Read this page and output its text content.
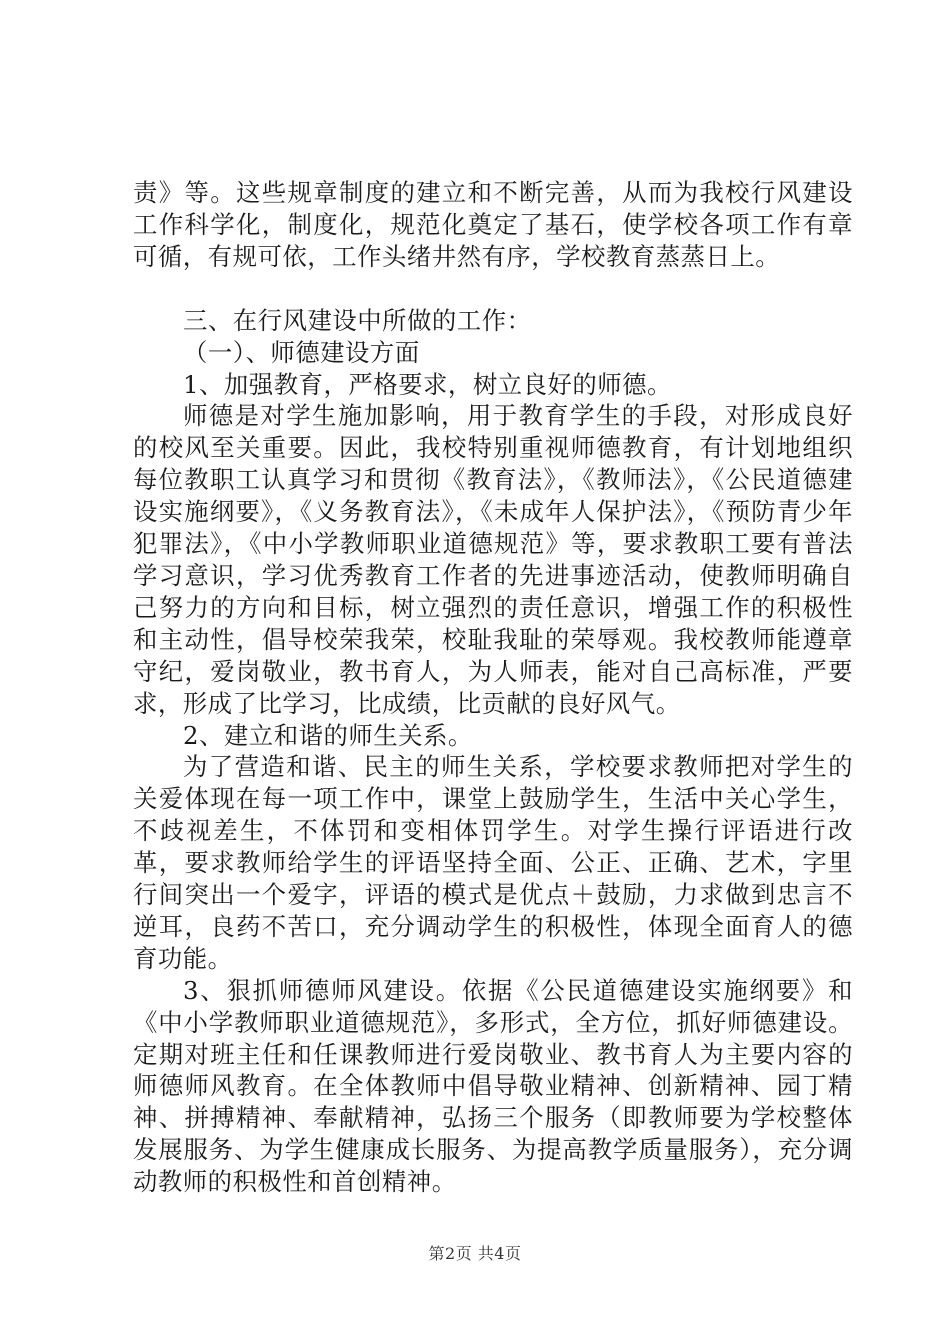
责》等。这些规章制度的建立和不断完善，从而为我校行风建设工作科学化，制度化，规范化奠定了基石，使学校各项工作有章可循，有规可依，工作头绪井然有序，学校教育蒸蒸日上。

三、在行风建设中所做的工作：

（一）、师德建设方面

1、加强教育，严格要求，树立良好的师德。

师德是对学生施加影响，用于教育学生的手段，对形成良好的校风至关重要。因此，我校特别重视师德教育，有计划地组织每位教职工认真学习和贯彻《教育法》，《教师法》，《公民道德建设实施纲要》，《义务教育法》，《未成年人保护法》，《预防青少年犯罪法》，《中小学教师职业道德规范》等，要求教职工要有普法学习意识，学习优秀教育工作者的先进事迹活动，使教师明确自己努力的方向和目标，树立强烈的责任意识，增强工作的积极性和主动性，倡导校荣我荣，校耻我耻的荣辱观。我校教师能遵章守纪，爱岗敬业，教书育人，为人师表，能对自己高标准，严要求，形成了比学习，比成绩，比贡献的良好风气。

2、建立和谐的师生关系。

为了营造和谐、民主的师生关系，学校要求教师把对学生的关爱体现在每一项工作中，课堂上鼓励学生，生活中关心学生，不歧视差生，不体罚和变相体罚学生。对学生操行评语进行改革，要求教师给学生的评语坚持全面、公正、正确、艺术，字里行间突出一个爱字，评语的模式是优点＋鼓励，力求做到忠言不逆耳，良药不苦口，充分调动学生的积极性，体现全面育人的德育功能。

3、狠抓师德师风建设。依据《公民道德建设实施纲要》和《中小学教师职业道德规范》，多形式，全方位，抓好师德建设。定期对班主任和任课教师进行爱岗敬业、教书育人为主要内容的师德师风教育。在全体教师中倡导敬业精神、创新精神、园丁精神、拼搏精神、奉献精神，弘扬三个服务（即教师要为学校整体发展服务、为学生健康成长服务、为提高教学质量服务），充分调动教师的积极性和首创精神。

第2页 共4页
